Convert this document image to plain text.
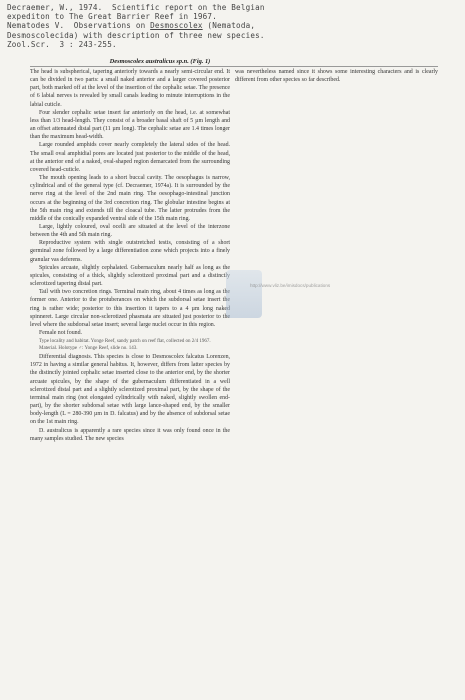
Decraemer, W., 1974.  Scientific report on the Belgian
expediton to The Great Barrier Reef in 1967.
Nematodes V.  Observations on Desmoscolex (Nematoda,
Desmoscolecida) with description of three new species.
Zool.Scr.  3 : 243-255.
Desmoscolex australicus sp.n. (Fig. 1)

The head is subspherical, tapering anteriorly towards a nearly semi-circular end. It can be divided in two parts: a small naked anterior and a larger covered posterior part, both marked off at the level of the insertion of the cephalic setae. The presence of 6 labial nerves is revealed by small canals leading to minute interruptions in the labial cuticle.

Four slender cephalic setae insert far anteriorly on the head, i.e. at somewhat less than 1/3 head-length. They consist of a broader basal shaft of 5 µm length and an offset attenuated distal part (11 µm long). The cephalic setae are 1.4 times longer than the maximum head-width.

Large rounded amphids cover nearly completely the lateral sides of the head. The small oval amphidial pores are located just posterior to the middle of the head, at the anterior end of a naked, oval-shaped region demarcated from the surrounding covered head-cuticle.

The mouth opening leads to a short buccal cavity. The oesophagus is narrow, cylindrical and of the general type (cf. Decraemer, 1974a). It is surrounded by the nerve ring at the level of the 2nd main ring. The oesophago-intestinal junction occurs at the beginning of the 3rd concretion ring. The globular intestine begins at the 5th main ring and extends till the cloacal tube. The latter protrudes from the middle of the conically expanded ventral side of the 15th main ring.

Large, lightly coloured, oval ocelli are situated at the level of the interzone between the 4th and 5th main ring.

Reproductive system with single outstretched testis, consisting of a short germinal zone followed by a large differentiation zone which projects into a finely granular vas deferens.

Spicules arcuate, slightly cephalated. Gubernaculum nearly half as long as the spicules, consisting of a thick, slightly sclerotized proximal part and a distinctly sclerotized tapering distal part.

Tail with two concretion rings. Terminal main ring, about 4 times as long as the former one. Anterior to the protuberances on which the subdorsal setae insert the ring is rather wide; posterior to this insertion it tapers to a 4 µm long naked spinneret. Large circular non-sclerotized phasmata are situated just posterior to the level where the subdorsal setae insert; several large nuclei occur in this region.

Female not found.

Type locality and habitat. Yonge Reef, sandy patch on reef flat, collected on 2/4 1967.

Material. Holotype ♂: Yonge Reef, slide no. 143.

Differential diagnosis. This species is close to Desmoscolex falcatus Lorenzen, 1972 in having a similar general habitus. It, however, differs from latter species by the distinctly jointed cephalic setae inserted close to the anterior end, by the shorter arcuate spicules, by the shape of the gubernaculum differentiated in a well sclerotized distal part and a slightly sclerotized proximal part, by the shape of the terminal main ring (not elongated cylindrically with naked, slightly swollen end-part), by the shorter subdorsal setae with large lance-shaped end, by the smaller body-length (L = 280-390 µm in D. falcatus) and by the absence of subdorsal setae on the 1st main ring.

D. australicus is apparently a rare species since it was only found once in the many samples studied. The new species

was nevertheless named since it shows some interesting characters and is clearly different from other species so far described.

http://www.vliz.be/imisdocs/publications
